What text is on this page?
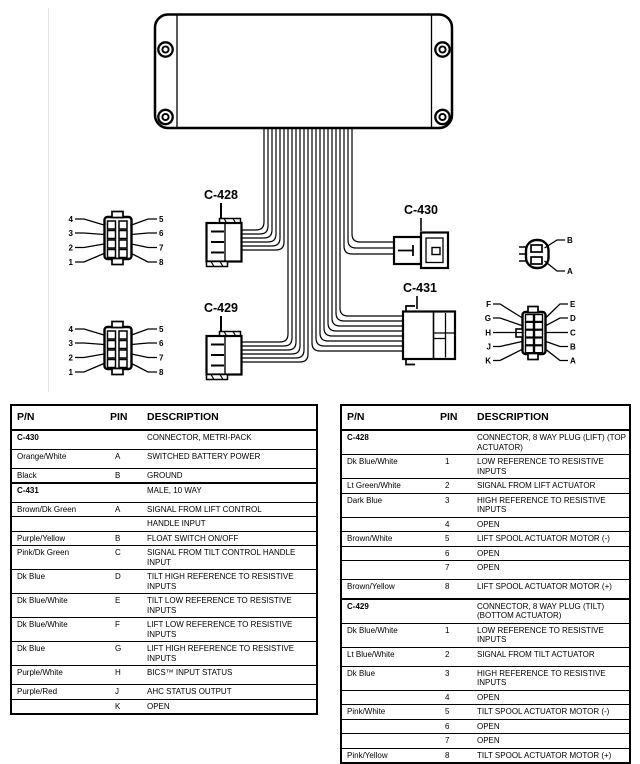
C-428
C-429
C-430
C-431
4
3
2
1
5
6
7
8
4
3
2
1
5
6
7
8
B
A
F
G
H
J
K
E
D
C
B
A
P/N	PIN	DESCRIPTION
C-430		CONNECTOR, METRI-PACK
Orange/White	A	SWITCHED BATTERY POWER
Black	B	GROUND
C-431		MALE, 10 WAY
Brown/Dk Green	A	SIGNAL FROM LIFT CONTROL
		HANDLE INPUT
Purple/Yellow	B	FLOAT SWITCH ON/OFF
Pink/Dk Green	C	SIGNAL FROM TILT CONTROL HANDLE INPUT
Dk Blue	D	TILT HIGH REFERENCE TO RESISTIVE INPUTS
Dk Blue/White	E	TILT LOW REFERENCE TO RESISTIVE INPUTS
Dk Blue/White	F	LIFT LOW REFERENCE TO RESISTIVE INPUTS
Dk Blue	G	LIFT HIGH REFERENCE TO RESISTIVE INPUTS
Purple/White	H	BICS™ INPUT STATUS
Purple/Red	J	AHC STATUS OUTPUT
	K	OPEN
P/N	PIN	DESCRIPTION
C-428		CONNECTOR, 8 WAY PLUG (LIFT) (TOP ACTUATOR)
Dk Blue/White	1	LOW REFERENCE TO RESISTIVE INPUTS
Lt Green/White	2	SIGNAL FROM LIFT ACTUATOR
Dark Blue	3	HIGH REFERENCE TO RESISTIVE INPUTS
	4	OPEN
Brown/White	5	LIFT SPOOL ACTUATOR MOTOR (-)
	6	OPEN
	7	OPEN
Brown/Yellow	8	LIFT SPOOL ACTUATOR MOTOR (+)
C-429		CONNECTOR, 8 WAY PLUG (TILT) (BOTTOM ACTUATOR)
Dk Blue/White	1	LOW REFERENCE TO RESISTIVE INPUTS
Lt Blue/White	2	SIGNAL FROM TILT ACTUATOR
Dk Blue	3	HIGH REFERENCE TO RESISTIVE INPUTS
	4	OPEN
Pink/White	5	TILT SPOOL ACTUATOR MOTOR (-)
	6	OPEN
	7	OPEN
Pink/Yellow	8	TILT SPOOL ACTUATOR MOTOR (+)
